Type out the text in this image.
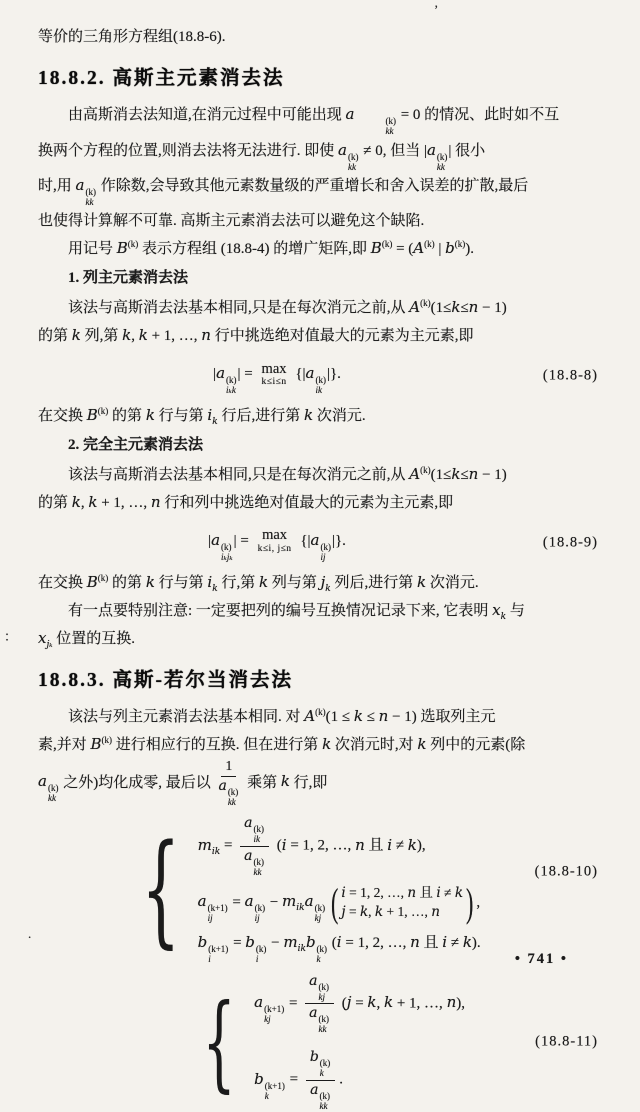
’
：
.

等价的三角形方程组(18.8-6).

18.8.2. 高斯主元素消去法

由高斯消去法知道,在消元过程中可能出现 a	(k)
kk
= 0 的情况、此时如不互
换两个方程的位置,则消去法将无法进行. 即使 a (k)
kk
≠ 0, 但当 |a (k)
kk
| 很小
时,用 a (k)
kk
作除数,会导致其他元素数量级的严重增长和舍入误差的扩散,最后
也使得计算解不可靠. 高斯主元素消去法可以避免这个缺陷.

用记号 $B^{(k)}$ 表示方程组 (18.8-4) 的增广矩阵,即 $B^{(k)} = (A^{(k)}$ | $b^{(k)}$).

1. 列主元素消去法

该法与高斯消去法基本相同,只是在每次消元之前,从 $A^{(k)}(1\le k\le n - 1)$
的第 k 列,第 k, k + 1, …, n 行中挑选绝对值最大的元素为主元素,即

|a (k)
iₖk
| = max
k≤i≤n
{|a (k)
ik
|}.	(18.8-8)

在交换 $B^{(k)}$ 的第 k 行与第 $i_k$ 行后,进行第 k 次消元.

2. 完全主元素消去法

该法与高斯消去法基本相同,只是在每次消元之前,从 $A^{(k)}(1\le k\le n - 1)$
的第 k, k + 1, …, n 行和列中挑选绝对值最大的元素为主元素,即

|a (k)
iₖjₖ
| = max
k≤i, j≤n
{|a (k)
ij
|}.	(18.8-9)

在交换 $B^{(k)}$ 的第 k 行与第 $i_k$ 行,第 k 列与第 $j_k$ 列后,进行第 k 次消元.

有一点要特别注意: 一定要把列的编号互换情况记录下来, 它表明 $x_k$ 与
$x_{j_k}$ 位置的互换.

18.8.3. 高斯-若尔当消去法

该法与列主元素消去法基本相同. 对 $A^{(k)}(1 \le k \le n - 1)$ 选取列主元
素,并对 $B^{(k)}$ 进行相应行的互换. 但在进行第 k 次消元时,对 k 列中的元素(除
a (k)
kk
之外)均化成零, 最后以 1
a (k)
kk 乘第 k 行,即

{ $m_{ik} = a$ (k)
ik
a (k)
kk (i = 1, 2, …, n 且 i ≠ k),
a (k+1)
ij
= a (k)
ij
− $m_{ik}a$ (k)
kj ( i = 1, 2, …, n 且 i ≠ k
j = k, k + 1, …, n ) ,
b (k+1)
i
= b (k)
i
− $m_{ik}b$ (k)
k
(i = 1, 2, …, n 且 i ≠ k).
(18.8-10)
{ a (k+1)
kj
= a (k)
kj
a (k)
kk (j = k, k + 1, …, n),
b (k+1)
k
= b (k)
k
a (k)
kk .
(18.8-11)
• 741 •
